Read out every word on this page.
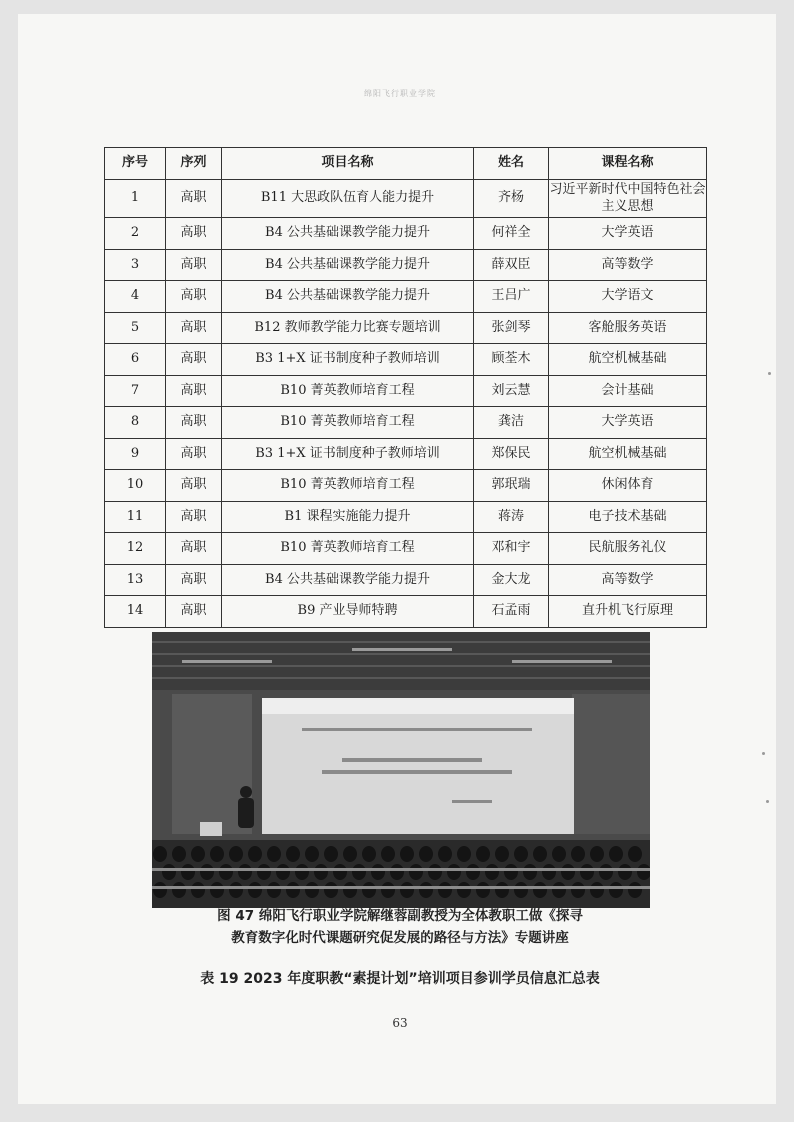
绵阳飞行职业学院
序号	序列	项目名称	姓名	课程名称
1	高职	B11 大思政队伍育人能力提升	齐杨	习近平新时代中国特色社会主义思想
2	高职	B4 公共基础课教学能力提升	何祥全	大学英语
3	高职	B4 公共基础课教学能力提升	薛双臣	高等数学
4	高职	B4 公共基础课教学能力提升	王吕广	大学语文
5	高职	B12 教师教学能力比赛专题培训	张剑琴	客舱服务英语
6	高职	B3 1+X 证书制度种子教师培训	顾荃木	航空机械基础
7	高职	B10 菁英教师培育工程	刘云慧	会计基础
8	高职	B10 菁英教师培育工程	龚洁	大学英语
9	高职	B3 1+X 证书制度种子教师培训	郑保民	航空机械基础
10	高职	B10 菁英教师培育工程	郭珉瑞	休闲体育
11	高职	B1 课程实施能力提升	蒋涛	电子技术基础
12	高职	B10 菁英教师培育工程	邓和宇	民航服务礼仪
13	高职	B4 公共基础课教学能力提升	金大龙	高等数学
14	高职	B9 产业导师特聘	石孟雨	直升机飞行原理
图 47 绵阳飞行职业学院解继蓉副教授为全体教职工做《探寻
教育数字化时代课题研究促发展的路径与方法》专题讲座
表 19 2023 年度职教“素提计划”培训项目参训学员信息汇总表
63
